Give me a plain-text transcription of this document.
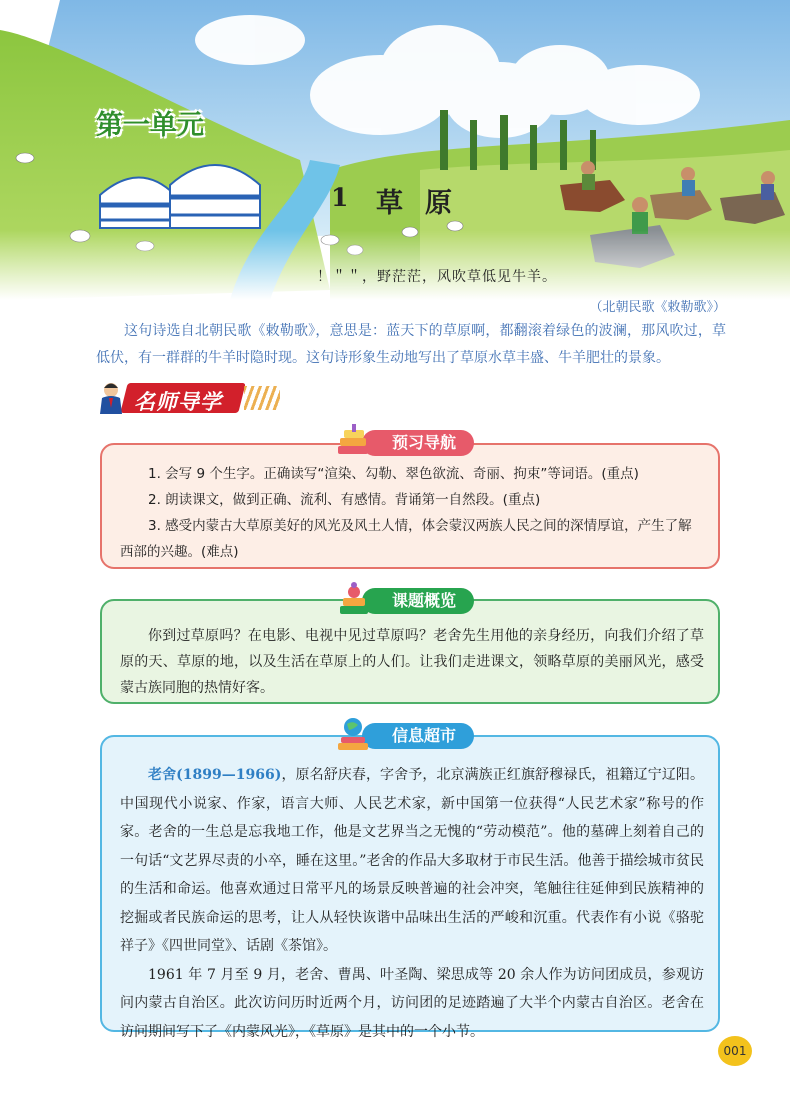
第一单元
1 草原
！＂＂，野茫茫，风吹草低见牛羊。
（北朝民歌《敕勒歌》）
这句诗选自北朝民歌《敕勒歌》，意思是：蓝天下的草原啊，都翻滚着绿色的波澜，那风吹过，草低伏，有一群群的牛羊时隐时现。这句诗形象生动地写出了草原水草丰盛、牛羊肥壮的景象。
名师导学

1. 会写 9 个生字。正确读写“渲染、勾勒、翠色欲流、奇丽、拘束”等词语。(重点)

2. 朗读课文，做到正确、流利、有感情。背诵第一自然段。(重点)

3. 感受内蒙古大草原美好的风光及风土人情，体会蒙汉两族人民之间的深情厚谊，产生了解西部的兴趣。(难点)

预习导航
你到过草原吗？在电影、电视中见过草原吗？老舍先生用他的亲身经历，向我们介绍了草原的天、草原的地，以及生活在草原上的人们。让我们走进课文，领略草原的美丽风光，感受蒙古族同胞的热情好客。
课题概览

老舍(1899—1966)，原名舒庆春，字舍予，北京满族正红旗舒穆禄氏，祖籍辽宁辽阳。中国现代小说家、作家，语言大师、人民艺术家，新中国第一位获得“人民艺术家”称号的作家。老舍的一生总是忘我地工作，他是文艺界当之无愧的“劳动模范”。他的墓碑上刻着自己的一句话“文艺界尽责的小卒，睡在这里。”老舍的作品大多取材于市民生活。他善于描绘城市贫民的生活和命运。他喜欢通过日常平凡的场景反映普遍的社会冲突，笔触往往延伸到民族精神的挖掘或者民族命运的思考，让人从轻快诙谐中品味出生活的严峻和沉重。代表作有小说《骆驼祥子》《四世同堂》、话剧《茶馆》。

1961 年 7 月至 9 月，老舍、曹禺、叶圣陶、梁思成等 20 余人作为访问团成员，参观访问内蒙古自治区。此次访问历时近两个月，访问团的足迹踏遍了大半个内蒙古自治区。老舍在访问期间写下了《内蒙风光》，《草原》是其中的一个小节。

信息超市
001
